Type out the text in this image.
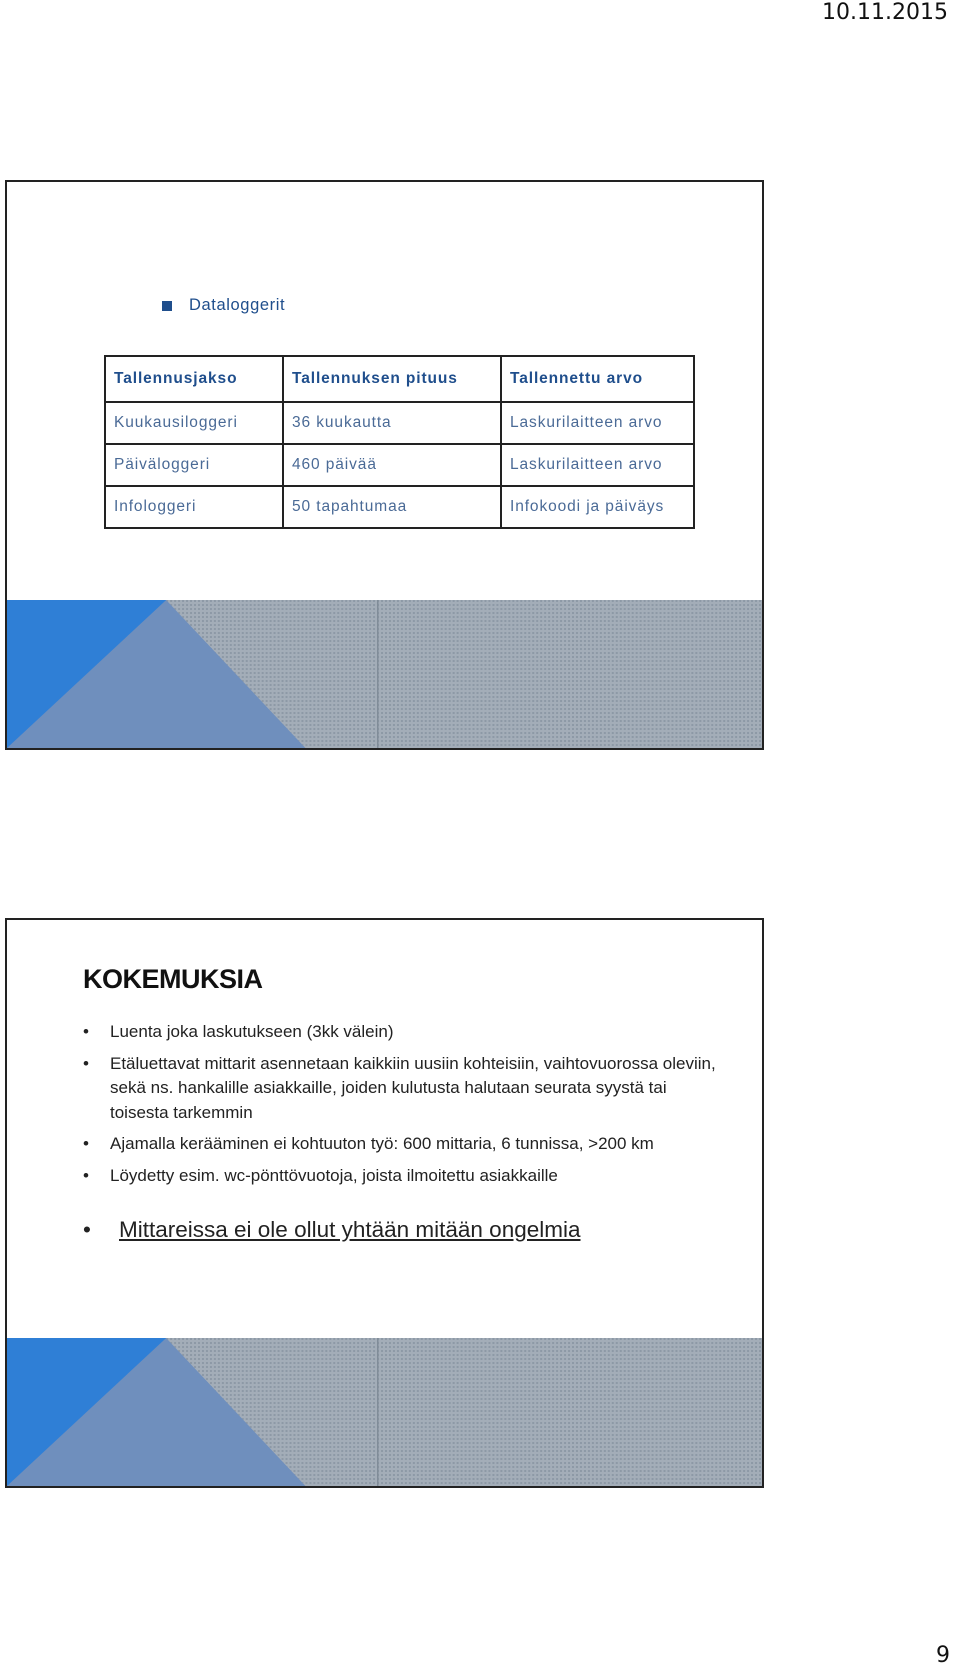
10.11.2015
Dataloggerit
Tallennusjakso	Tallennuksen pituus	Tallennettu arvo
Kuukausiloggeri	36 kuukautta	Laskurilaitteen arvo
Päiväloggeri	460 päivää	Laskurilaitteen arvo
Infologgeri	50 tapahtumaa	Infokoodi ja päiväys
KOKEMUKSIA
• Luenta joka laskutukseen (3kk välein)
• Etäluettavat mittarit asennetaan kaikkiin uusiin kohteisiin, vaihtovuorossa oleviin, sekä ns. hankalille asiakkaille, joiden kulutusta halutaan seurata syystä tai toisesta tarkemmin
• Ajamalla kerääminen ei kohtuuton työ: 600 mittaria, 6 tunnissa, >200 km
• Löydetty esim. wc-pönttövuotoja, joista ilmoitettu asiakkaille
• Mittareissa ei ole ollut yhtään mitään ongelmia
9
